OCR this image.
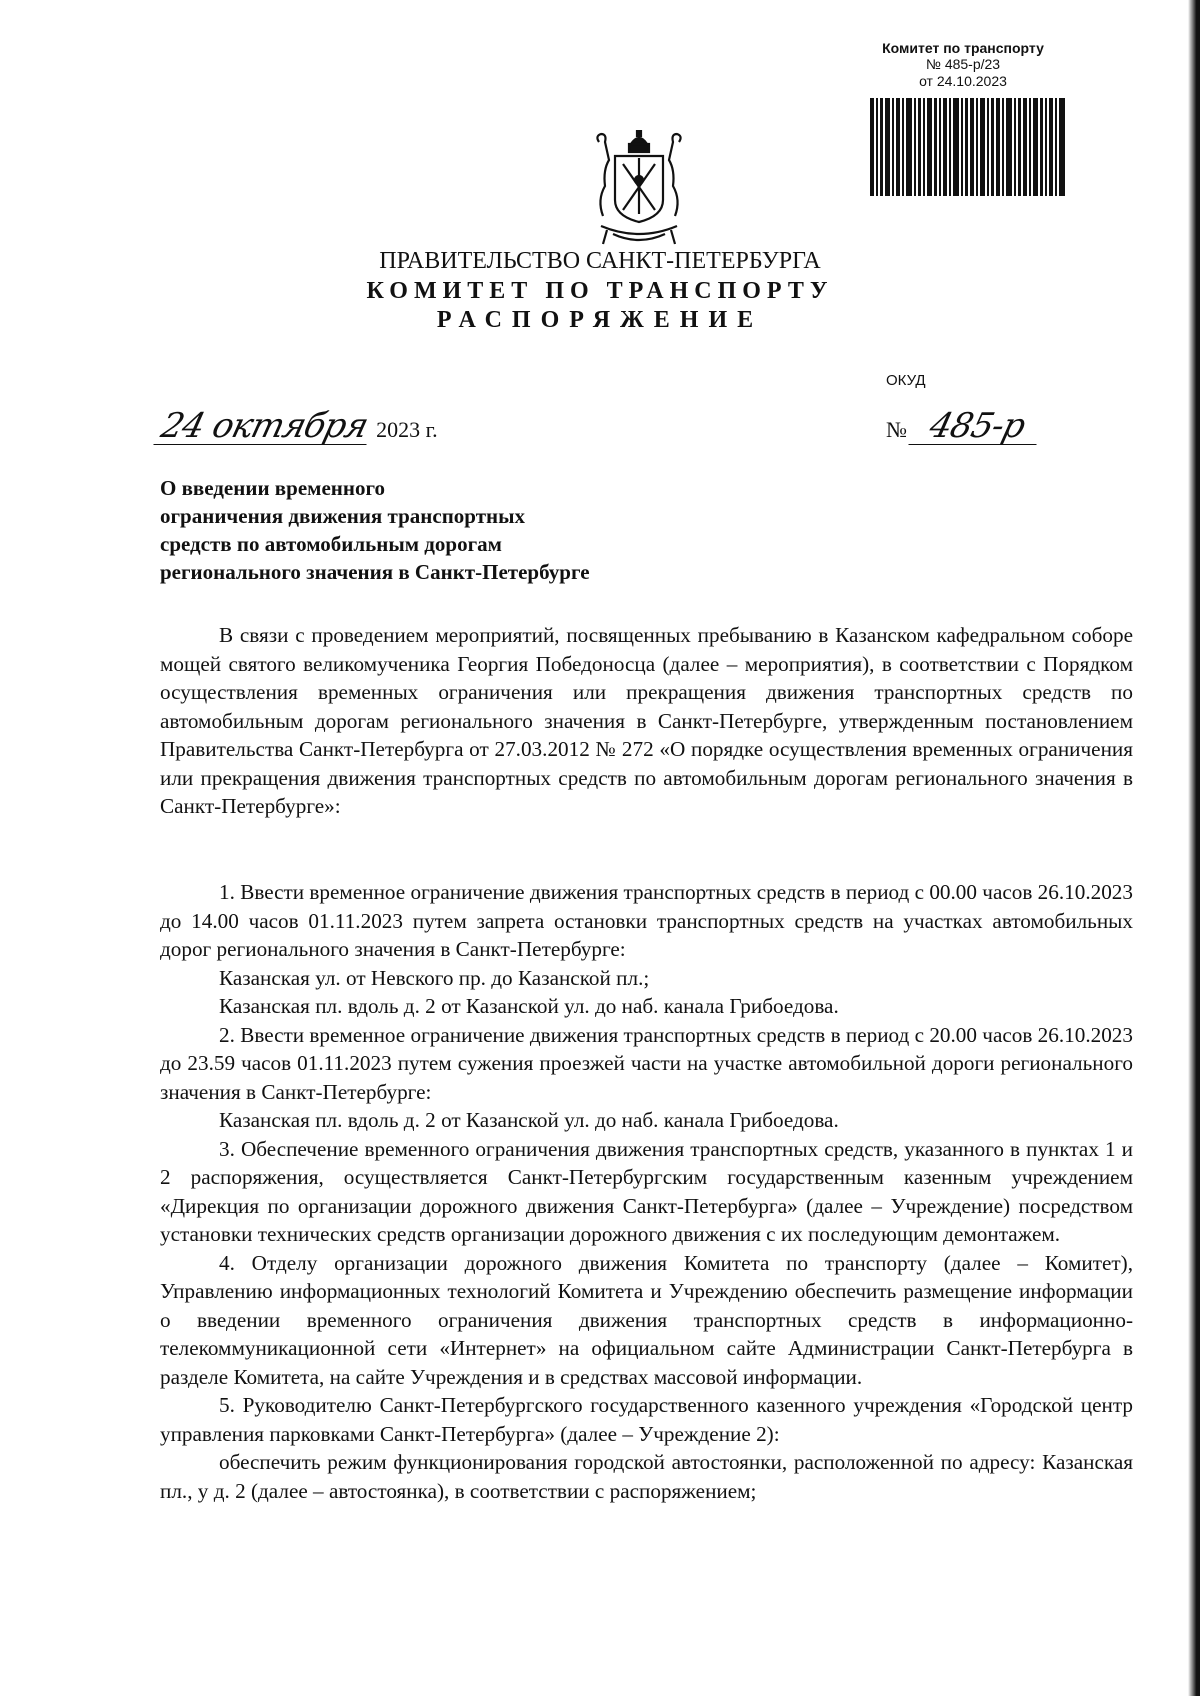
Комитет по транспорту
№ 485-р/23
от 24.10.2023
ПРАВИТЕЛЬСТВО САНКТ-ПЕТЕРБУРГА
КОМИТЕТ ПО ТРАНСПОРТУ
РАСПОРЯЖЕНИЕ
ОКУД
24 октября 2023 г.	№ 485-р
О введении временного
ограничения движения транспортных
средств по автомобильным дорогам
регионального значения в Санкт-Петербурге

В связи с проведением мероприятий, посвященных пребыванию в Казанском кафедральном соборе мощей святого великомученика Георгия Победоносца (далее – мероприятия), в соответствии с Порядком осуществления временных ограничения или прекращения движения транспортных средств по автомобильным дорогам регионального значения в Санкт-Петербурге, утвержденным постановлением Правительства Санкт-Петербурга от 27.03.2012 № 272 «О порядке осуществления временных ограничения или прекращения движения транспортных средств по автомобильным дорогам регионального значения в Санкт-Петербурге»:

1. Ввести временное ограничение движения транспортных средств в период с 00.00 часов 26.10.2023 до 14.00 часов 01.11.2023 путем запрета остановки транспортных средств на участках автомобильных дорог регионального значения в Санкт-Петербурге:

Казанская ул. от Невского пр. до Казанской пл.;

Казанская пл. вдоль д. 2 от Казанской ул. до наб. канала Грибоедова.

2. Ввести временное ограничение движения транспортных средств в период с 20.00 часов 26.10.2023 до 23.59 часов 01.11.2023 путем сужения проезжей части на участке автомобильной дороги регионального значения в Санкт-Петербурге:

Казанская пл. вдоль д. 2 от Казанской ул. до наб. канала Грибоедова.

3. Обеспечение временного ограничения движения транспортных средств, указанного в пунктах 1 и 2 распоряжения, осуществляется Санкт-Петербургским государственным казенным учреждением «Дирекция по организации дорожного движения Санкт-Петербурга» (далее – Учреждение) посредством установки технических средств организации дорожного движения с их последующим демонтажем.

4. Отделу организации дорожного движения Комитета по транспорту (далее – Комитет), Управлению информационных технологий Комитета и Учреждению обеспечить размещение информации о введении временного ограничения движения транспортных средств в информационно-телекоммуникационной сети «Интернет» на официальном сайте Администрации Санкт-Петербурга в разделе Комитета, на сайте Учреждения и в средствах массовой информации.

5. Руководителю Санкт-Петербургского государственного казенного учреждения «Городской центр управления парковками Санкт-Петербурга» (далее – Учреждение 2):

обеспечить режим функционирования городской автостоянки, расположенной по адресу: Казанская пл., у д. 2 (далее – автостоянка), в соответствии с распоряжением;
